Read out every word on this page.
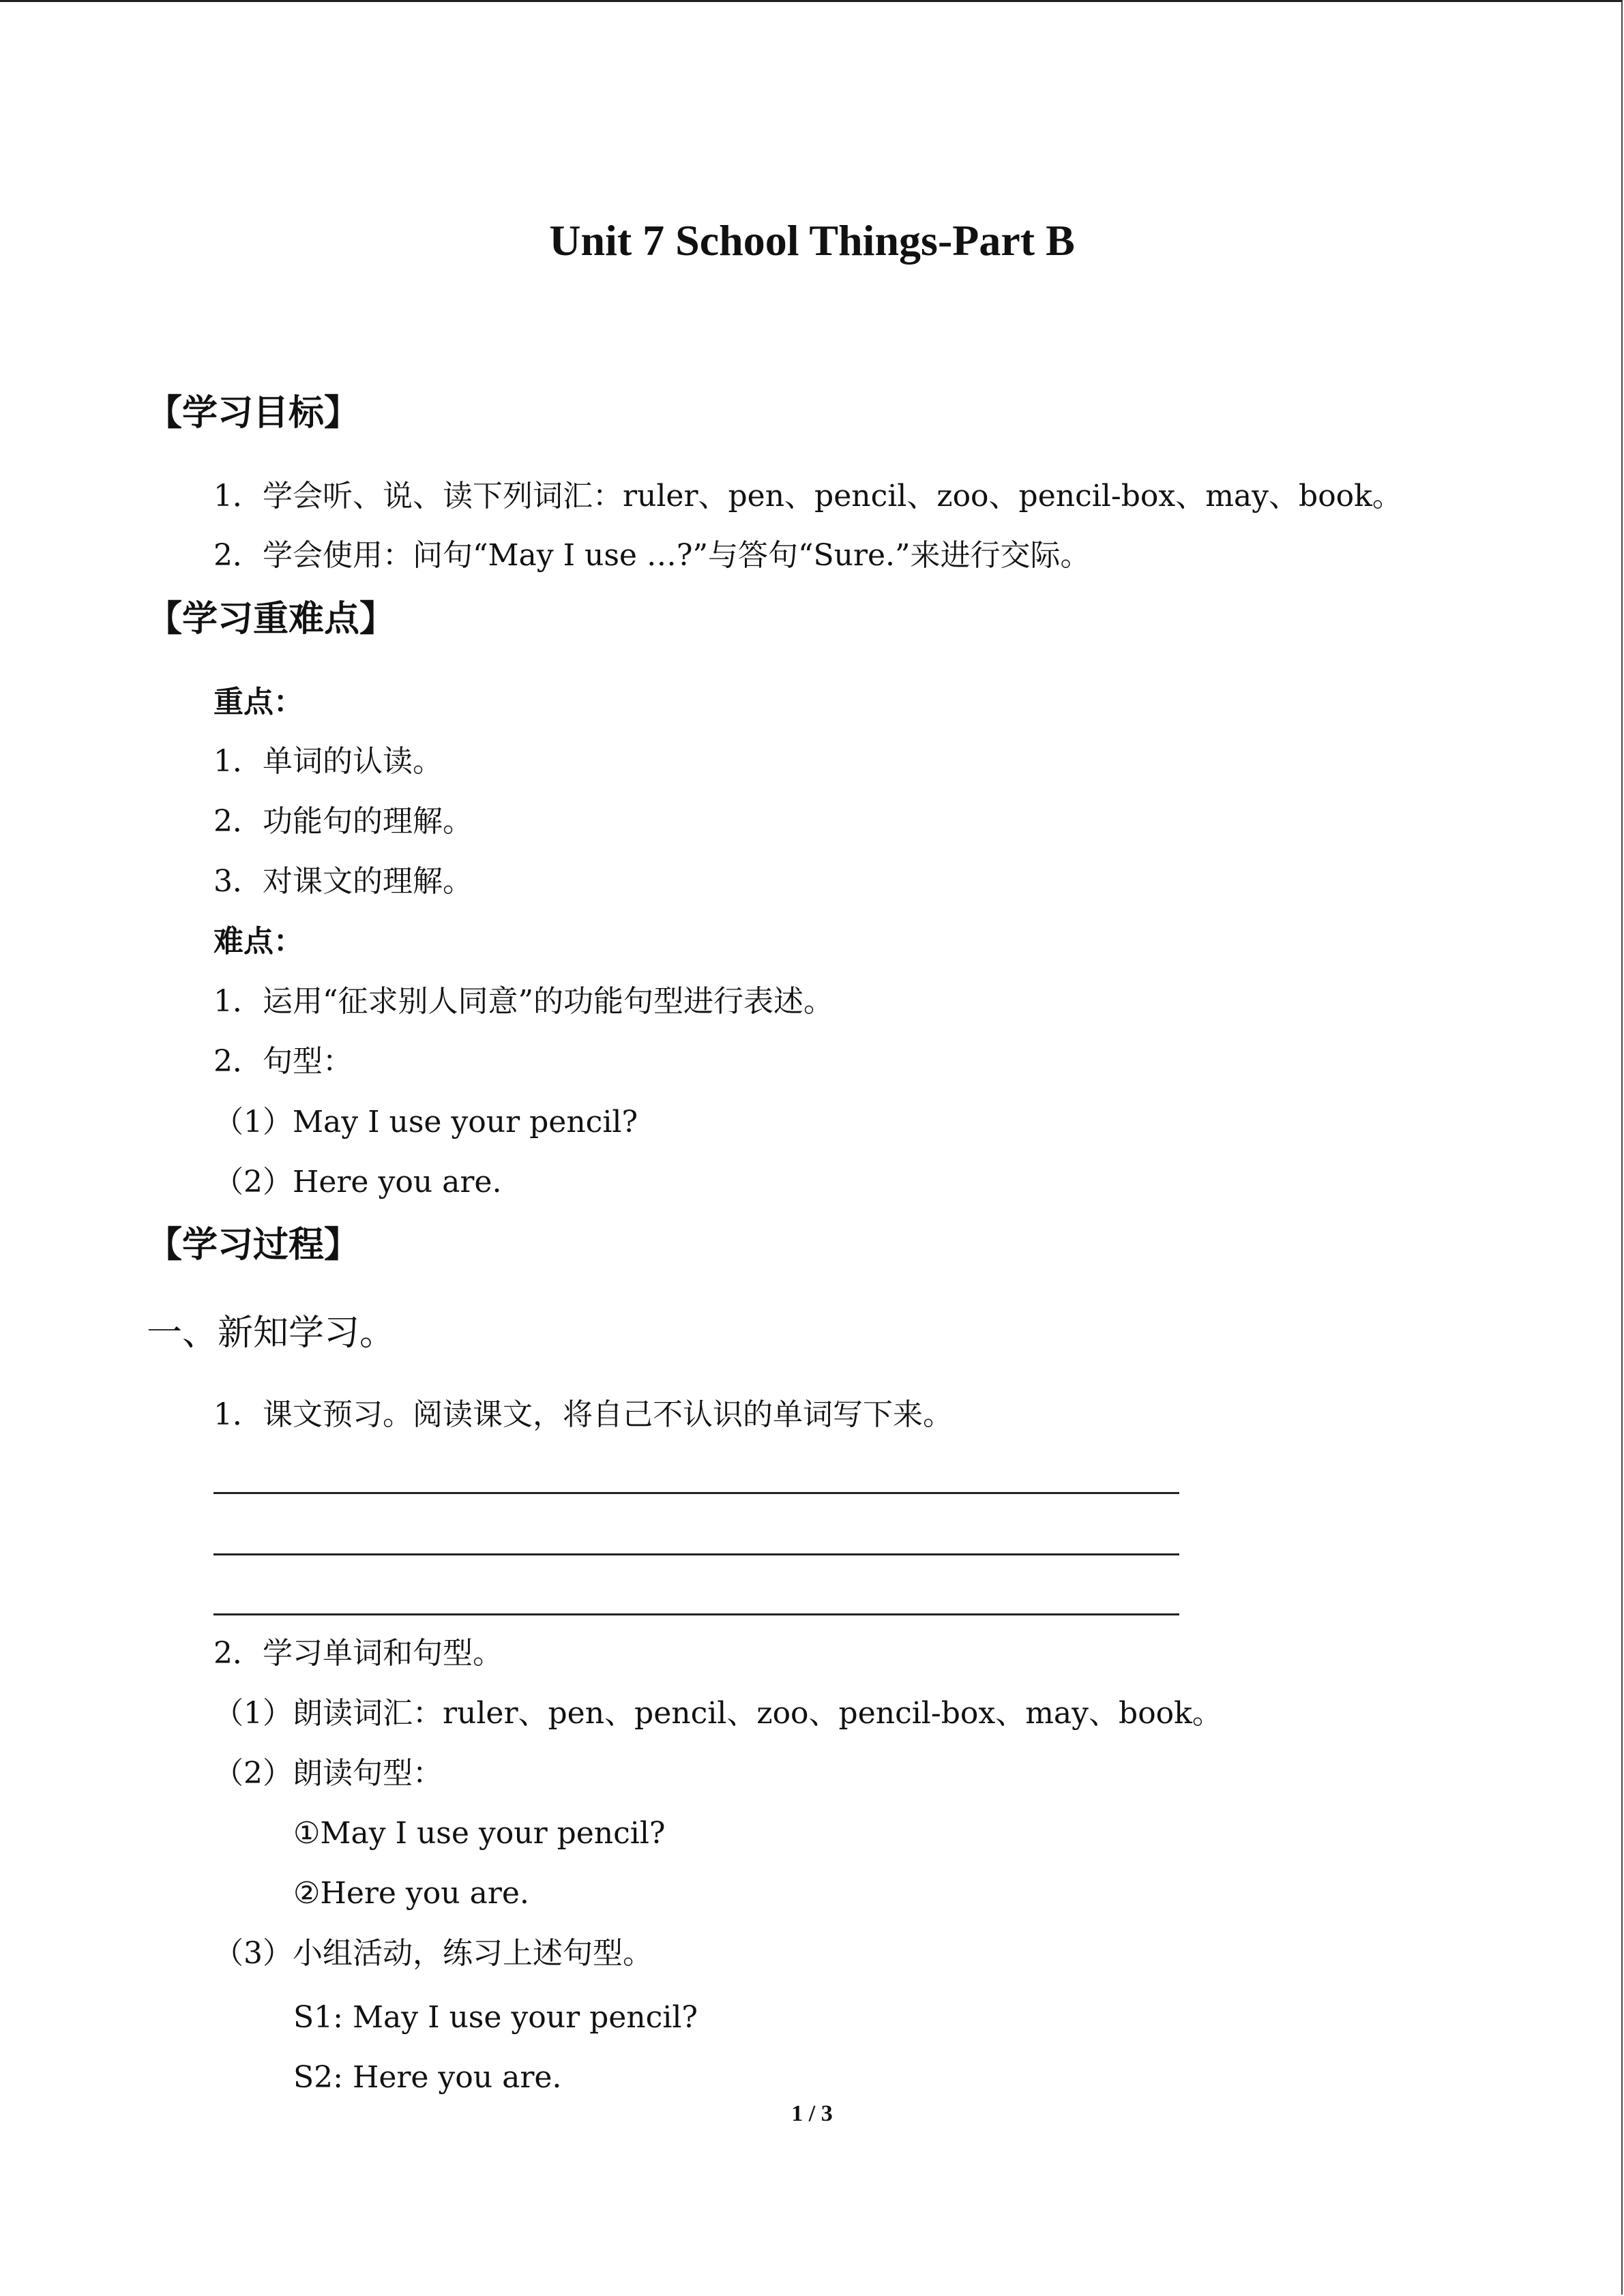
Unit 7 School Things-Part B
【学习目标】
1．学会听、说、读下列词汇：ruler、pen、pencil、zoo、pencil-box、may、book。
2．学会使用：问句“May I use …?”与答句“Sure.”来进行交际。
【学习重难点】
重点：
1．单词的认读。
2．功能句的理解。
3．对课文的理解。
难点：
1．运用“征求别人同意”的功能句型进行表述。
2．句型：
（1）May I use your pencil?
（2）Here you are.
【学习过程】
一、新知学习。
1．课文预习。阅读课文，将自己不认识的单词写下来。
2．学习单词和句型。
（1）朗读词汇：ruler、pen、pencil、zoo、pencil-box、may、book。
（2）朗读句型：
①May I use your pencil?
②Here you are.
（3）小组活动，练习上述句型。
S1: May I use your pencil?
S2: Here you are.
1 / 3
